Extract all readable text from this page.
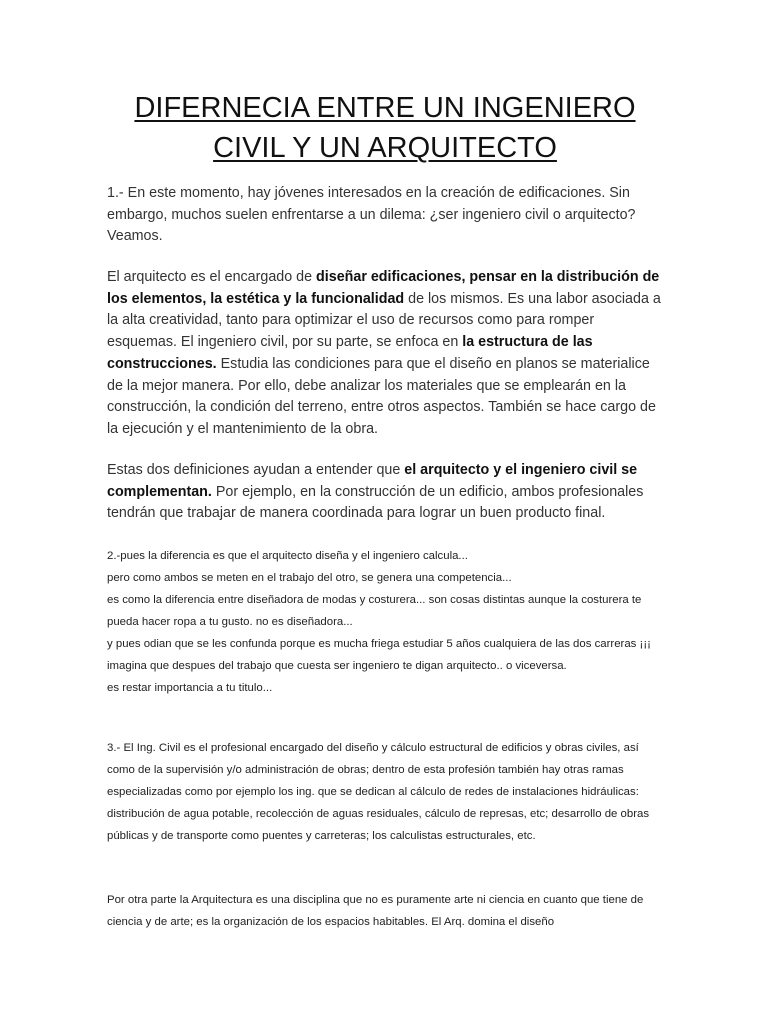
DIFERNECIA ENTRE UN INGENIERO
CIVIL Y UN ARQUITECTO

1.- En este momento, hay jóvenes interesados en la creación de edificaciones. Sin embargo, muchos suelen enfrentarse a un dilema: ¿ser ingeniero civil o arquitecto? Veamos.

El arquitecto es el encargado de diseñar edificaciones, pensar en la distribución de los elementos, la estética y la funcionalidad de los mismos. Es una labor asociada a la alta creatividad, tanto para optimizar el uso de recursos como para romper esquemas. El ingeniero civil, por su parte, se enfoca en la estructura de las construcciones. Estudia las condiciones para que el diseño en planos se materialice de la mejor manera. Por ello, debe analizar los materiales que se emplearán en la construcción, la condición del terreno, entre otros aspectos. También se hace cargo de la ejecución y el mantenimiento de la obra.

Estas dos definiciones ayudan a entender que el arquitecto y el ingeniero civil se complementan. Por ejemplo, en la construcción de un edificio, ambos profesionales tendrán que trabajar de manera coordinada para lograr un buen producto final.

2.-pues la diferencia es que el arquitecto diseña y el ingeniero calcula...
pero como ambos se meten en el trabajo del otro, se genera una competencia...
es como la diferencia entre diseñadora de modas y costurera... son cosas distintas aunque la costurera te pueda hacer ropa a tu gusto. no es diseñadora...
y pues odian que se les confunda porque es mucha friega estudiar 5 años cualquiera de las dos carreras ¡¡¡
imagina que despues del trabajo que cuesta ser ingeniero te digan arquitecto.. o viceversa.
es restar importancia a tu titulo...

3.- El Ing. Civil es el profesional encargado del diseño y cálculo estructural de edificios y obras civiles, así como de la supervisión y/o administración de obras; dentro de esta profesión también hay otras ramas especializadas como por ejemplo los ing. que se dedican al cálculo de redes de instalaciones hidráulicas: distribución de agua potable, recolección de aguas residuales, cálculo de represas, etc; desarrollo de obras públicas y de transporte como puentes y carreteras; los calculistas estructurales, etc.

Por otra parte la Arquitectura es una disciplina que no es puramente arte ni ciencia en cuanto que tiene de ciencia y de arte; es la organización de los espacios habitables. El Arq. domina el diseño
